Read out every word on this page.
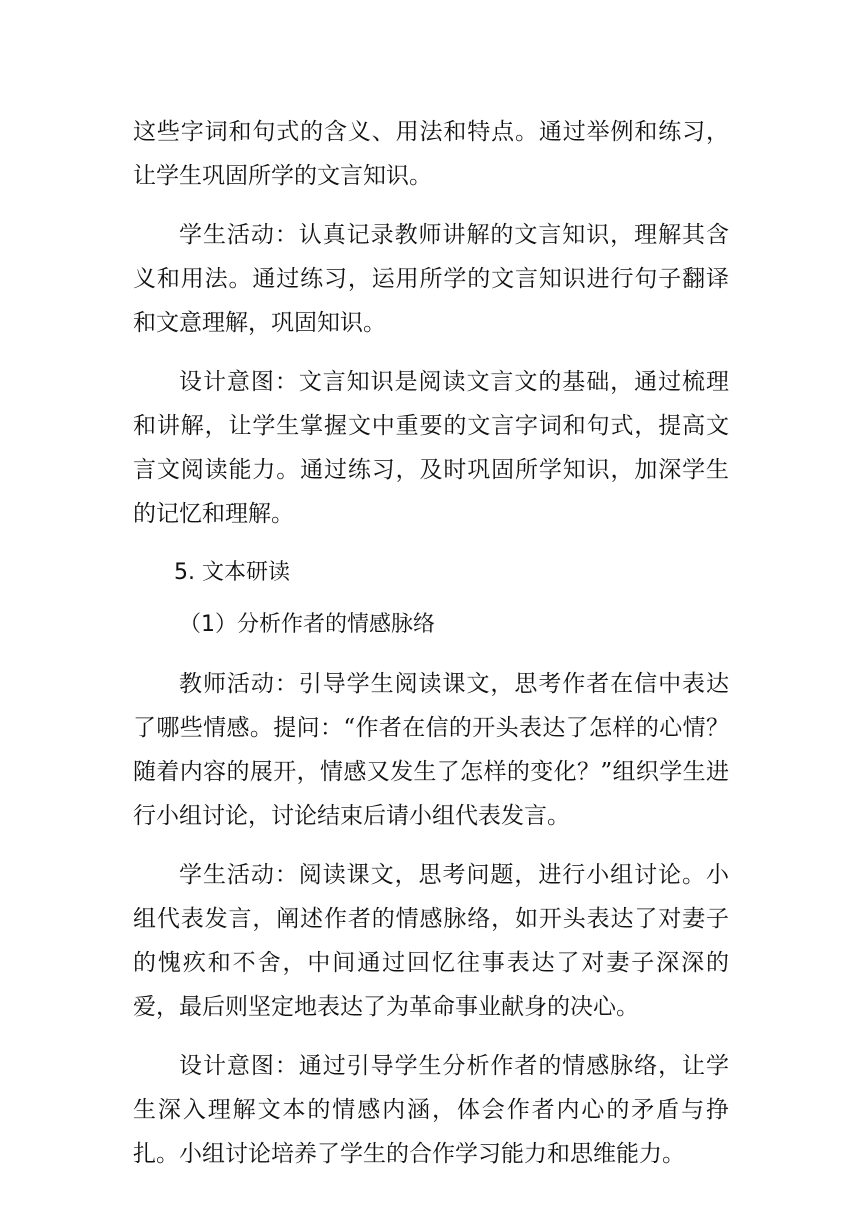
这些字词和句式的含义、用法和特点。通过举例和练习，让学生巩固所学的文言知识。

学生活动：认真记录教师讲解的文言知识，理解其含义和用法。通过练习，运用所学的文言知识进行句子翻译和文意理解，巩固知识。

设计意图：文言知识是阅读文言文的基础，通过梳理和讲解，让学生掌握文中重要的文言字词和句式，提高文言文阅读能力。通过练习，及时巩固所学知识，加深学生的记忆和理解。

5. 文本研读

（1）分析作者的情感脉络

教师活动：引导学生阅读课文，思考作者在信中表达了哪些情感。提问：“作者在信的开头表达了怎样的心情？随着内容的展开，情感又发生了怎样的变化？”组织学生进行小组讨论，讨论结束后请小组代表发言。

学生活动：阅读课文，思考问题，进行小组讨论。小组代表发言，阐述作者的情感脉络，如开头表达了对妻子的愧疚和不舍，中间通过回忆往事表达了对妻子深深的爱，最后则坚定地表达了为革命事业献身的决心。

设计意图：通过引导学生分析作者的情感脉络，让学生深入理解文本的情感内涵，体会作者内心的矛盾与挣扎。小组讨论培养了学生的合作学习能力和思维能力。
